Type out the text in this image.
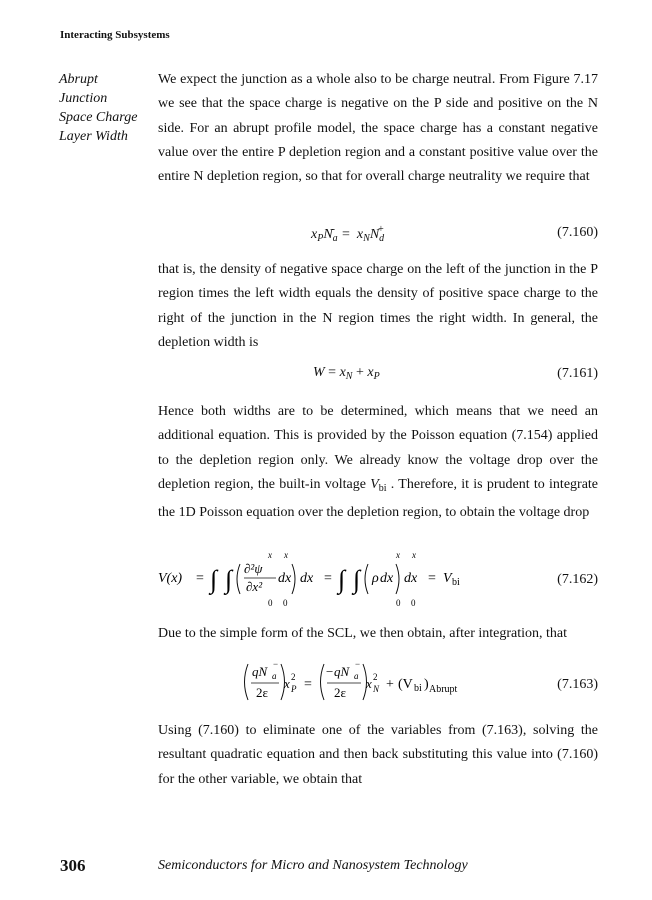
Interacting Subsystems
Abrupt
Junction
Space Charge
Layer Width
We expect the junction as a whole also to be charge neutral. From Figure 7.17 we see that the space charge is negative on the P side and positive on the N side. For an abrupt profile model, the space charge has a constant negative value over the entire P depletion region and a constant positive value over the entire N depletion region, so that for overall charge neutrality we require that
$x_PN_a^- = x_NN_d^+$	(7.160)
that is, the density of negative space charge on the left of the junction in the P region times the left width equals the density of positive space charge to the right of the junction in the N region times the right width. In general, the depletion width is
$W = x_N + x_P$	(7.161)
Hence both widths are to be determined, which means that we need an additional equation. This is provided by the Poisson equation (7.154) applied to the depletion region only. We already know the voltage drop over the depletion region, the built-in voltage $V_{bi}$ . Therefore, it is prudent to integrate the 1D Poisson equation over the depletion region, to obtain the voltage drop
V(x) = ∫ ∫
x x
0 0
∂²ψ
∂x²
dx dx = ∫ ∫
x x
0 0
ρ dx dx = V bi	(7.162)
Due to the simple form of the SCL, we then obtain, after integration, that
qN a
−
2ε
x 2
P =
− qN a
−
2ε
x 2
N + (V bi ) Abrupt	(7.163)
Using (7.160) to eliminate one of the variables from (7.163), solving the resultant quadratic equation and then back substituting this value into (7.160) for the other variable, we obtain that
306	Semiconductors for Micro and Nanosystem Technology
